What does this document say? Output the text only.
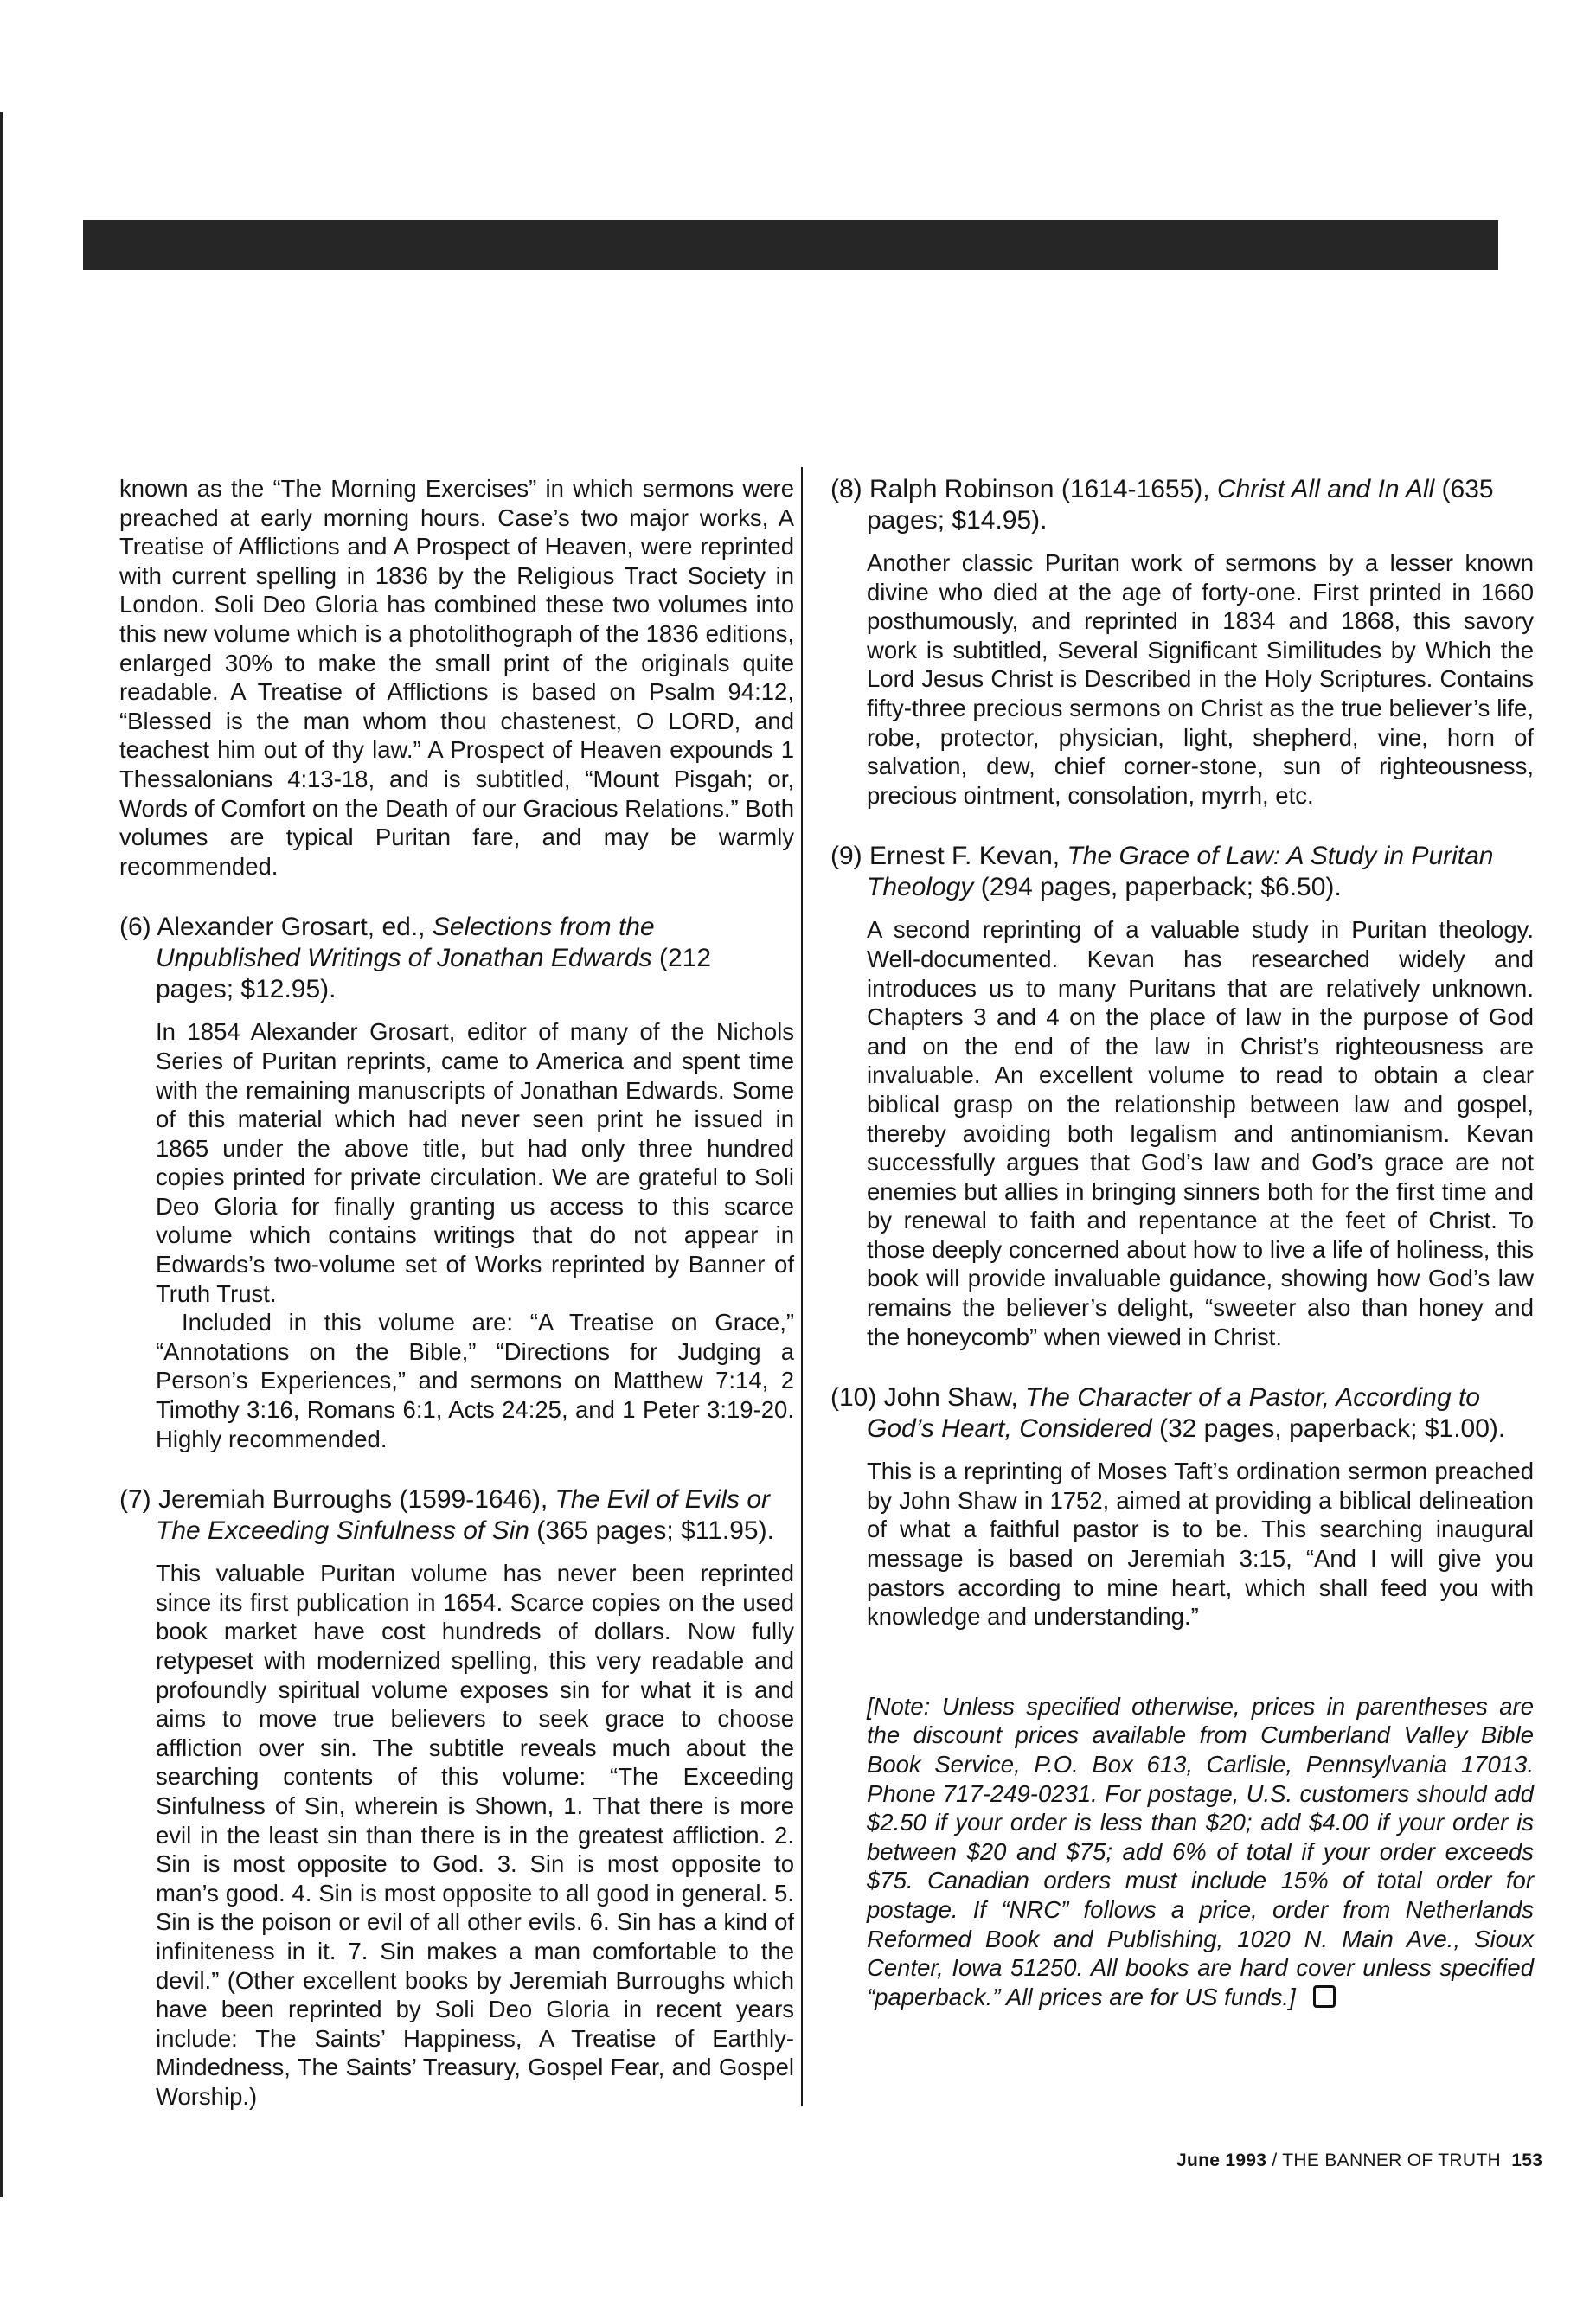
known as the “The Morning Exercises” in which sermons were preached at early morning hours. Case’s two major works, A Treatise of Afflictions and A Prospect of Heaven, were reprinted with current spelling in 1836 by the Religious Tract Society in London. Soli Deo Gloria has combined these two volumes into this new volume which is a photolithograph of the 1836 editions, enlarged 30% to make the small print of the originals quite readable. A Treatise of Afflictions is based on Psalm 94:12, “Blessed is the man whom thou chastenest, O LORD, and teachest him out of thy law.” A Prospect of Heaven expounds 1 Thessalonians 4:13-18, and is subtitled, “Mount Pisgah; or, Words of Comfort on the Death of our Gracious Relations.” Both volumes are typical Puritan fare, and may be warmly recommended.

(6) Alexander Grosart, ed., Selections from the Unpublished Writings of Jonathan Edwards (212 pages; $12.95).

In 1854 Alexander Grosart, editor of many of the Nichols Series of Puritan reprints, came to America and spent time with the remaining manuscripts of Jonathan Edwards. Some of this material which had never seen print he issued in 1865 under the above title, but had only three hundred copies printed for private circulation. We are grateful to Soli Deo Gloria for finally granting us access to this scarce volume which contains writings that do not appear in Edwards’s two-volume set of Works reprinted by Banner of Truth Trust.

Included in this volume are: “A Treatise on Grace,” “Annotations on the Bible,” “Directions for Judging a Person’s Experiences,” and sermons on Matthew 7:14, 2 Timothy 3:16, Romans 6:1, Acts 24:25, and 1 Peter 3:19-20. Highly recommended.

(7) Jeremiah Burroughs (1599-1646), The Evil of Evils or The Exceeding Sinfulness of Sin (365 pages; $11.95).

This valuable Puritan volume has never been reprinted since its first publication in 1654. Scarce copies on the used book market have cost hundreds of dollars. Now fully retypeset with modernized spelling, this very readable and profoundly spiritual volume exposes sin for what it is and aims to move true believers to seek grace to choose affliction over sin. The subtitle reveals much about the searching contents of this volume: “The Exceeding Sinfulness of Sin, wherein is Shown, 1. That there is more evil in the least sin than there is in the greatest affliction. 2. Sin is most opposite to God. 3. Sin is most opposite to man’s good. 4. Sin is most opposite to all good in general. 5. Sin is the poison or evil of all other evils. 6. Sin has a kind of infiniteness in it. 7. Sin makes a man comfortable to the devil.” (Other excellent books by Jeremiah Burroughs which have been reprinted by Soli Deo Gloria in recent years include: The Saints’ Happiness, A Treatise of Earthly-Mindedness, The Saints’ Treasury, Gospel Fear, and Gospel Worship.)

(8) Ralph Robinson (1614-1655), Christ All and In All (635 pages; $14.95).

Another classic Puritan work of sermons by a lesser known divine who died at the age of forty-one. First printed in 1660 posthumously, and reprinted in 1834 and 1868, this savory work is subtitled, Several Significant Similitudes by Which the Lord Jesus Christ is Described in the Holy Scriptures. Contains fifty-three precious sermons on Christ as the true believer’s life, robe, protector, physician, light, shepherd, vine, horn of salvation, dew, chief corner-stone, sun of righteousness, precious ointment, consolation, myrrh, etc.

(9) Ernest F. Kevan, The Grace of Law: A Study in Puritan Theology (294 pages, paperback; $6.50).

A second reprinting of a valuable study in Puritan theology. Well-documented. Kevan has researched widely and introduces us to many Puritans that are relatively unknown. Chapters 3 and 4 on the place of law in the purpose of God and on the end of the law in Christ’s righteousness are invaluable. An excellent volume to read to obtain a clear biblical grasp on the relationship between law and gospel, thereby avoiding both legalism and antinomianism. Kevan successfully argues that God’s law and God’s grace are not enemies but allies in bringing sinners both for the first time and by renewal to faith and repentance at the feet of Christ. To those deeply concerned about how to live a life of holiness, this book will provide invaluable guidance, showing how God’s law remains the believer’s delight, “sweeter also than honey and the honeycomb” when viewed in Christ.

(10) John Shaw, The Character of a Pastor, According to God’s Heart, Considered (32 pages, paperback; $1.00).

This is a reprinting of Moses Taft’s ordination sermon preached by John Shaw in 1752, aimed at providing a biblical delineation of what a faithful pastor is to be. This searching inaugural message is based on Jeremiah 3:15, “And I will give you pastors according to mine heart, which shall feed you with knowledge and understanding.”

[Note: Unless specified otherwise, prices in parentheses are the discount prices available from Cumberland Valley Bible Book Service, P.O. Box 613, Carlisle, Pennsylvania 17013. Phone 717-249-0231. For postage, U.S. customers should add $2.50 if your order is less than $20; add $4.00 if your order is between $20 and $75; add 6% of total if your order exceeds $75. Canadian orders must include 15% of total order for postage. If “NRC” follows a price, order from Netherlands Reformed Book and Publishing, 1020 N. Main Ave., Sioux Center, Iowa 51250. All books are hard cover unless specified “paperback.” All prices are for US funds.]

June 1993 / THE BANNER OF TRUTH 153
